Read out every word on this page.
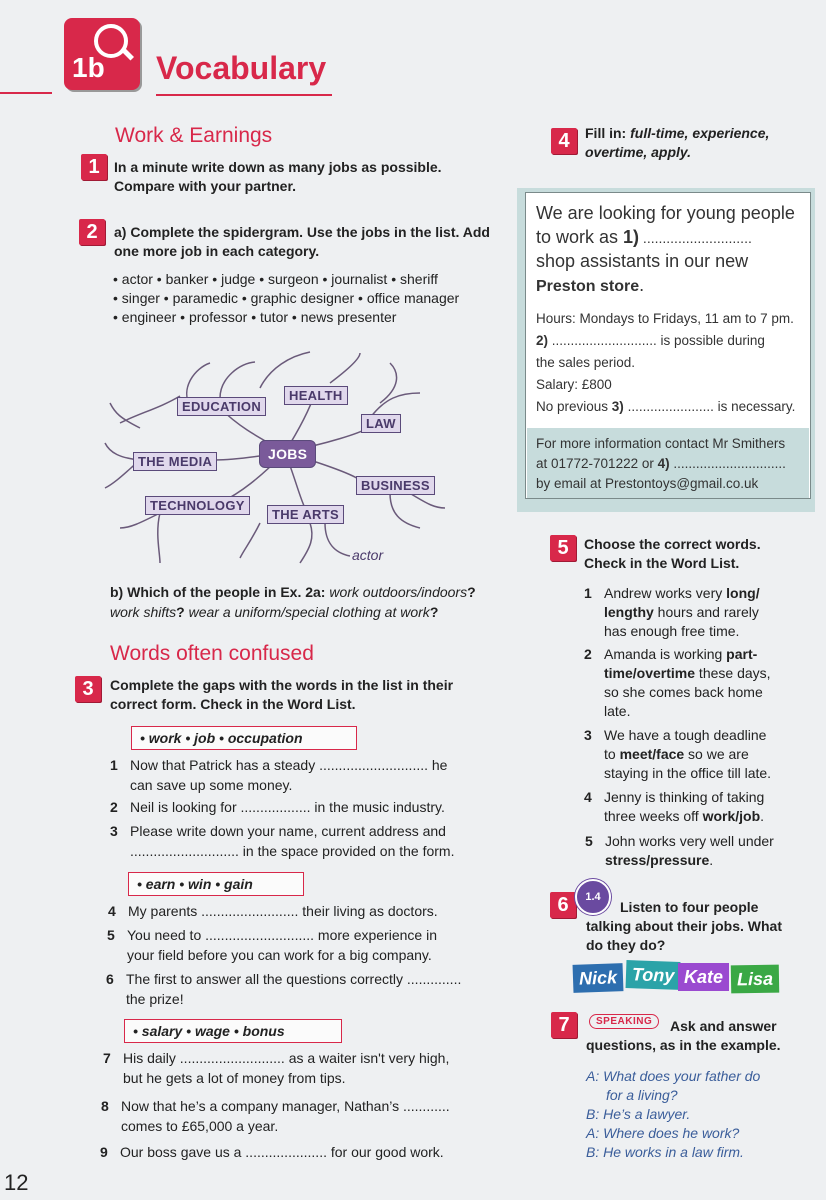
1b Vocabulary
Work & Earnings
1	In a minute write down as many jobs as possible.
Compare with your partner.
2	a) Complete the spidergram. Use the jobs in the list. Add
one more job in each category.
• actor • banker • judge • surgeon • journalist • sheriff
• singer • paramedic • graphic designer • office manager
• engineer • professor • tutor • news presenter
EDUCATION
HEALTH
LAW
JOBS
THE MEDIA
BUSINESS
TECHNOLOGY
THE ARTS
actor
b) Which of the people in Ex. 2a: work outdoors/indoors?
work shifts? wear a uniform/special clothing at work?
Words often confused
3	Complete the gaps with the words in the list in their
correct form. Check in the Word List.
• work • job • occupation
1 Now that Patrick has a steady ............................ he
can save up some money.
2 Neil is looking for .................. in the music industry.
3 Please write down your name, current address and
............................ in the space provided on the form.
• earn • win • gain
4 My parents ......................... their living as doctors.
5 You need to ............................ more experience in
your field before you can work for a big company.
6 The first to answer all the questions correctly ..............
the prize!
• salary • wage • bonus
7 His daily ........................... as a waiter isn't very high,
but he gets a lot of money from tips.
8 Now that he’s a company manager, Nathan’s ............
comes to £65,000 a year.
9 Our boss gave us a ..................... for our good work.
12
4	Fill in: full-time, experience,
overtime, apply.
We are looking for young people
to work as 1) ............................
shop assistants in our new
Preston store.
Hours: Mondays to Fridays, 11 am to 7 pm.
2) ............................ is possible during
the sales period.
Salary: £800
No previous 3) ....................... is necessary.
For more information contact Mr Smithers
at 01772-701222 or 4) ..............................
by email at Prestontoys@gmail.co.uk
5	Choose the correct words.
Check in the Word List.
1 Andrew works very long/
lengthy hours and rarely
has enough free time.
2 Amanda is working part-
time/overtime these days,
so she comes back home
late.
3 We have a tough deadline
to meet/face so we are
staying in the office till late.
4 Jenny is thinking of taking
three weeks off work/job.
5 John works very well under
stress/pressure.
6	1.4
Listen to four people
talking about their jobs. What
do they do?
Nick Tony Kate Lisa
7	SPEAKING	Ask and answer
questions, as in the example.
A: What does your father do
for a living?
B: He’s a lawyer.
A: Where does he work?
B: He works in a law firm.
